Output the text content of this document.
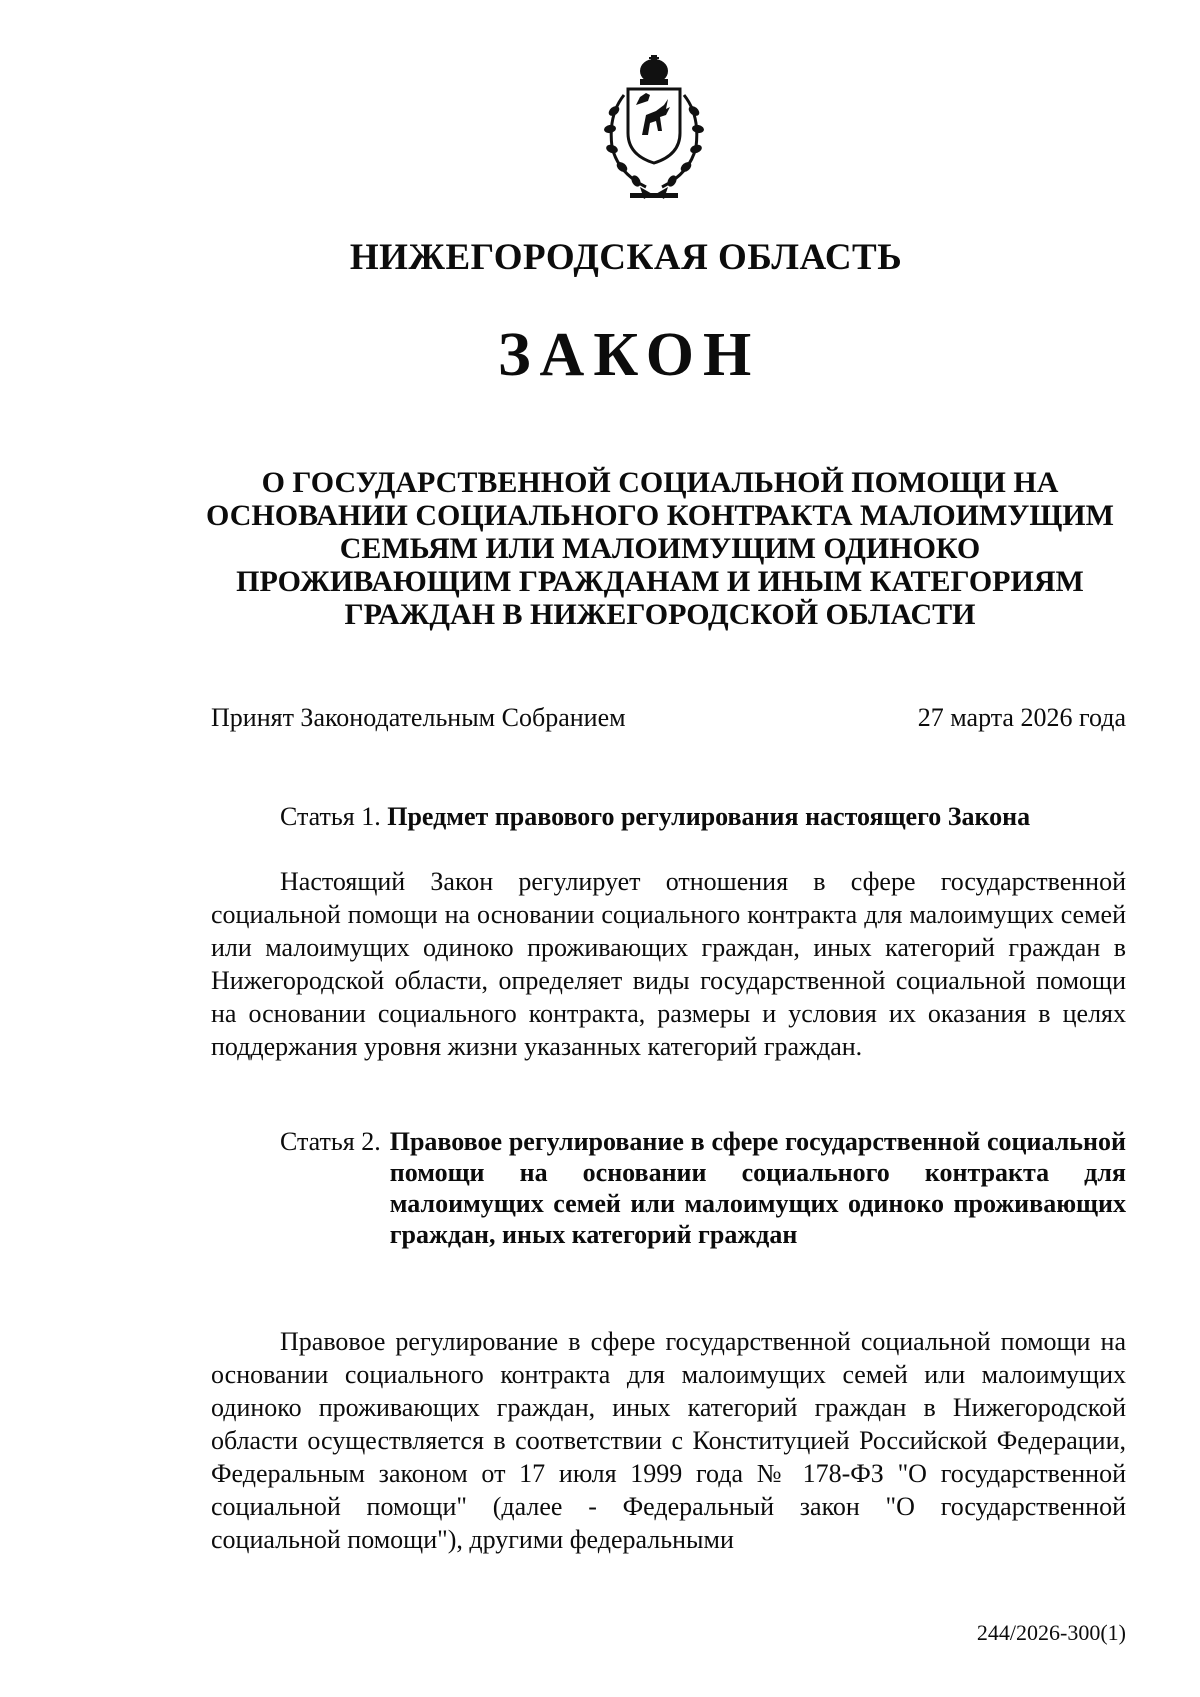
НИЖЕГОРОДСКАЯ ОБЛАСТЬ
ЗАКОН
О ГОСУДАРСТВЕННОЙ СОЦИАЛЬНОЙ ПОМОЩИ НА ОСНОВАНИИ СОЦИАЛЬНОГО КОНТРАКТА МАЛОИМУЩИМ СЕМЬЯМ ИЛИ МАЛОИМУЩИМ ОДИНОКО ПРОЖИВАЮЩИМ ГРАЖДАНАМ И ИНЫМ КАТЕГОРИЯМ ГРАЖДАН В НИЖЕГОРОДСКОЙ ОБЛАСТИ
Принят Законодательным Собранием	27 марта 2026 года
Статья 1. Предмет правового регулирования настоящего Закона
Настоящий Закон регулирует отношения в сфере государственной социальной помощи на основании социального контракта для малоимущих семей или малоимущих одиноко проживающих граждан, иных категорий граждан в Нижегородской области, определяет виды государственной социальной помощи на основании социального контракта, размеры и условия их оказания в целях поддержания уровня жизни указанных категорий граждан.
Статья 2. Правовое регулирование в сфере государственной социальной помощи на основании социального контракта для малоимущих семей или малоимущих одиноко проживающих граждан, иных категорий граждан
Правовое регулирование в сфере государственной социальной помощи на основании социального контракта для малоимущих семей или малоимущих одиноко проживающих граждан, иных категорий граждан в Нижегородской области осуществляется в соответствии с Конституцией Российской Федерации, Федеральным законом от 17 июля 1999 года № 178-ФЗ "О государственной социальной помощи" (далее - Федеральный закон "О государственной социальной помощи"), другими федеральными
244/2026-300(1)
